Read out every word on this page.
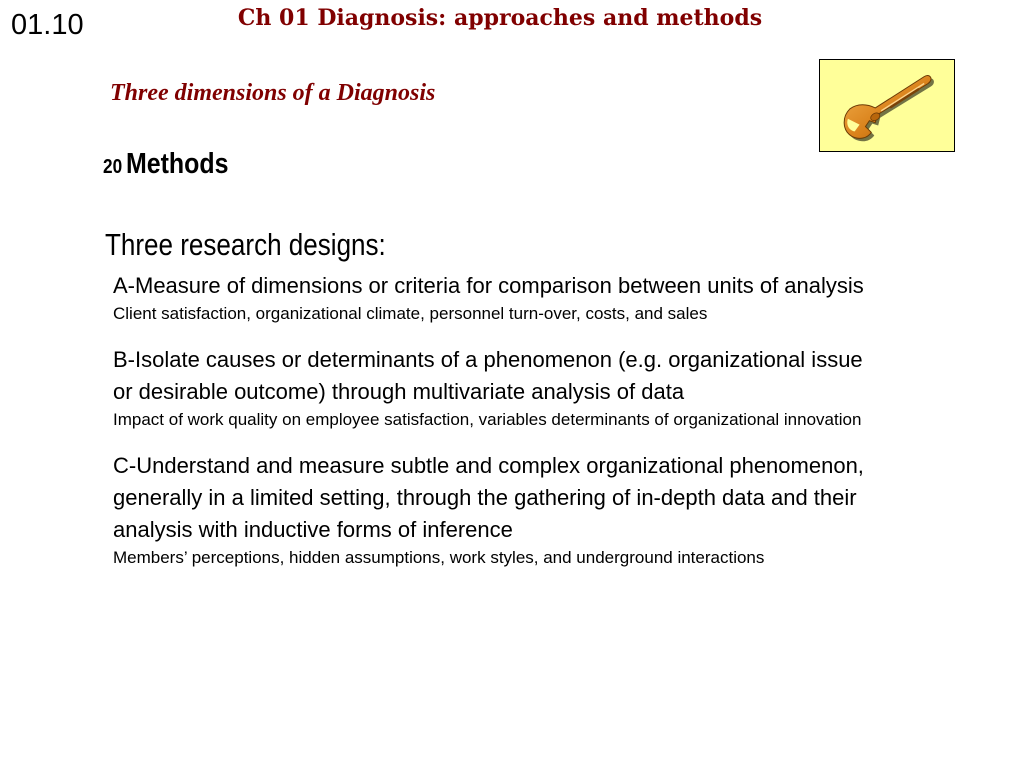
01.10	Ch 01 Diagnosis: approaches and methods
Three dimensions of a Diagnosis
20 Methods
Three research designs:

A-Measure of dimensions or criteria for comparison between units of analysis

Client satisfaction, organizational climate, personnel turn-over, costs, and sales

B-Isolate causes or determinants of a phenomenon (e.g. organizational issue or desirable outcome) through multivariate analysis of data

Impact of work quality on employee satisfaction, variables determinants of organizational innovation

C-Understand and measure subtle and complex organizational phenomenon, generally in a limited setting, through the gathering of in-depth data and their analysis with inductive forms of inference

Members’ perceptions, hidden assumptions, work styles, and underground interactions
